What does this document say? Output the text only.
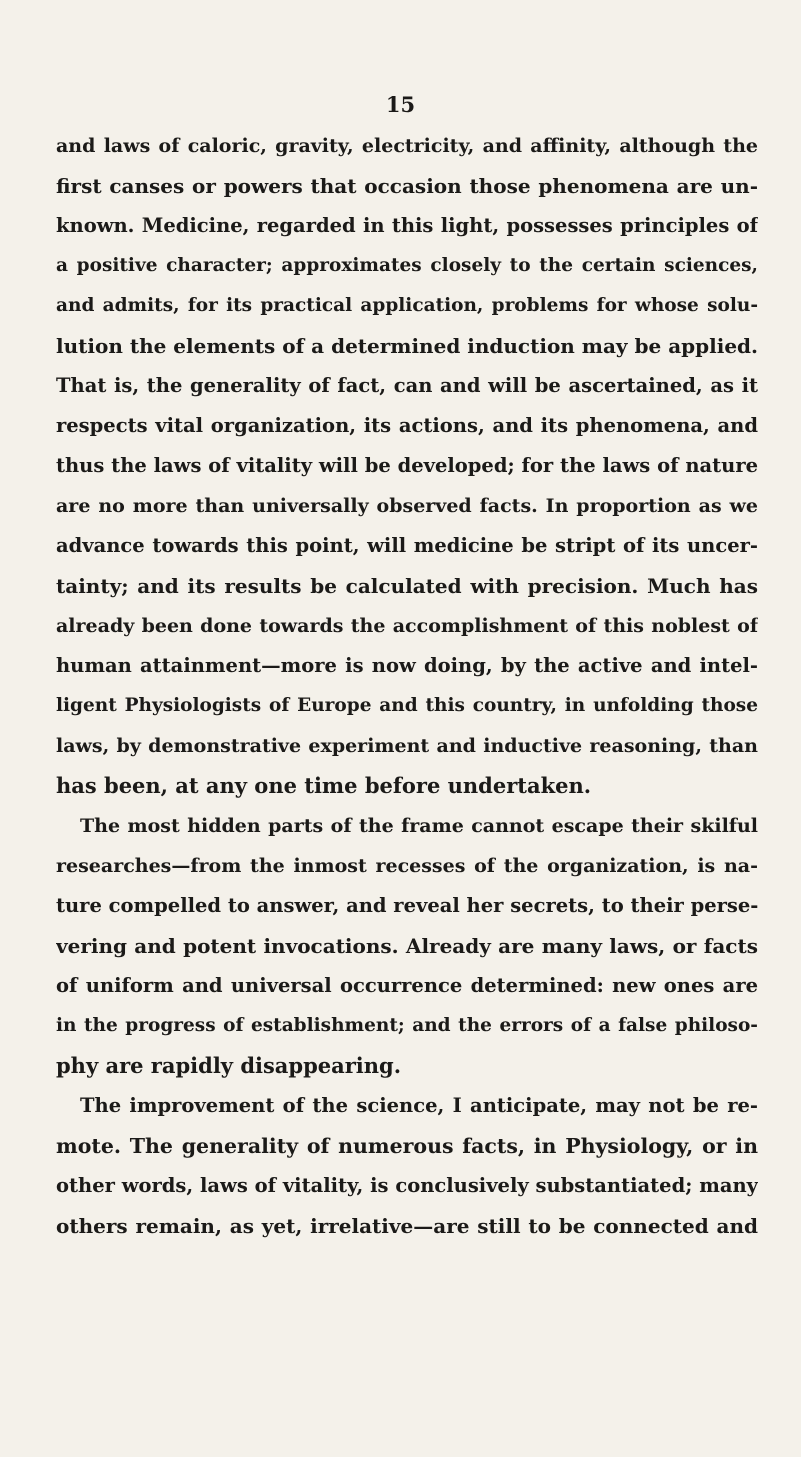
15
and laws of caloric, gravity, electricity, and affinity, although the
first canses or powers that occasion those phenomena are un-
known. Medicine, regarded in this light, possesses principles of
a positive character; approximates closely to the certain sciences,
and admits, for its practical application, problems for whose solu-
lution the elements of a determined induction may be applied.
That is, the generality of fact, can and will be ascertained, as it
respects vital organization, its actions, and its phenomena, and
thus the laws of vitality will be developed; for the laws of nature
are no more than universally observed facts. In proportion as we
advance towards this point, will medicine be stript of its uncer-
tainty; and its results be calculated with precision. Much has
already been done towards the accomplishment of this noblest of
human attainment—more is now doing, by the active and intel-
ligent Physiologists of Europe and this country, in unfolding those
laws, by demonstrative experiment and inductive reasoning, than
has been, at any one time before undertaken.
The most hidden parts of the frame cannot escape their skilful
researches—from the inmost recesses of the organization, is na-
ture compelled to answer, and reveal her secrets, to their perse-
vering and potent invocations. Already are many laws, or facts
of uniform and universal occurrence determined: new ones are
in the progress of establishment; and the errors of a false philoso-
phy are rapidly disappearing.
The improvement of the science, I anticipate, may not be re-
mote. The generality of numerous facts, in Physiology, or in
other words, laws of vitality, is conclusively substantiated; many
others remain, as yet, irrelative—are still to be connected and
